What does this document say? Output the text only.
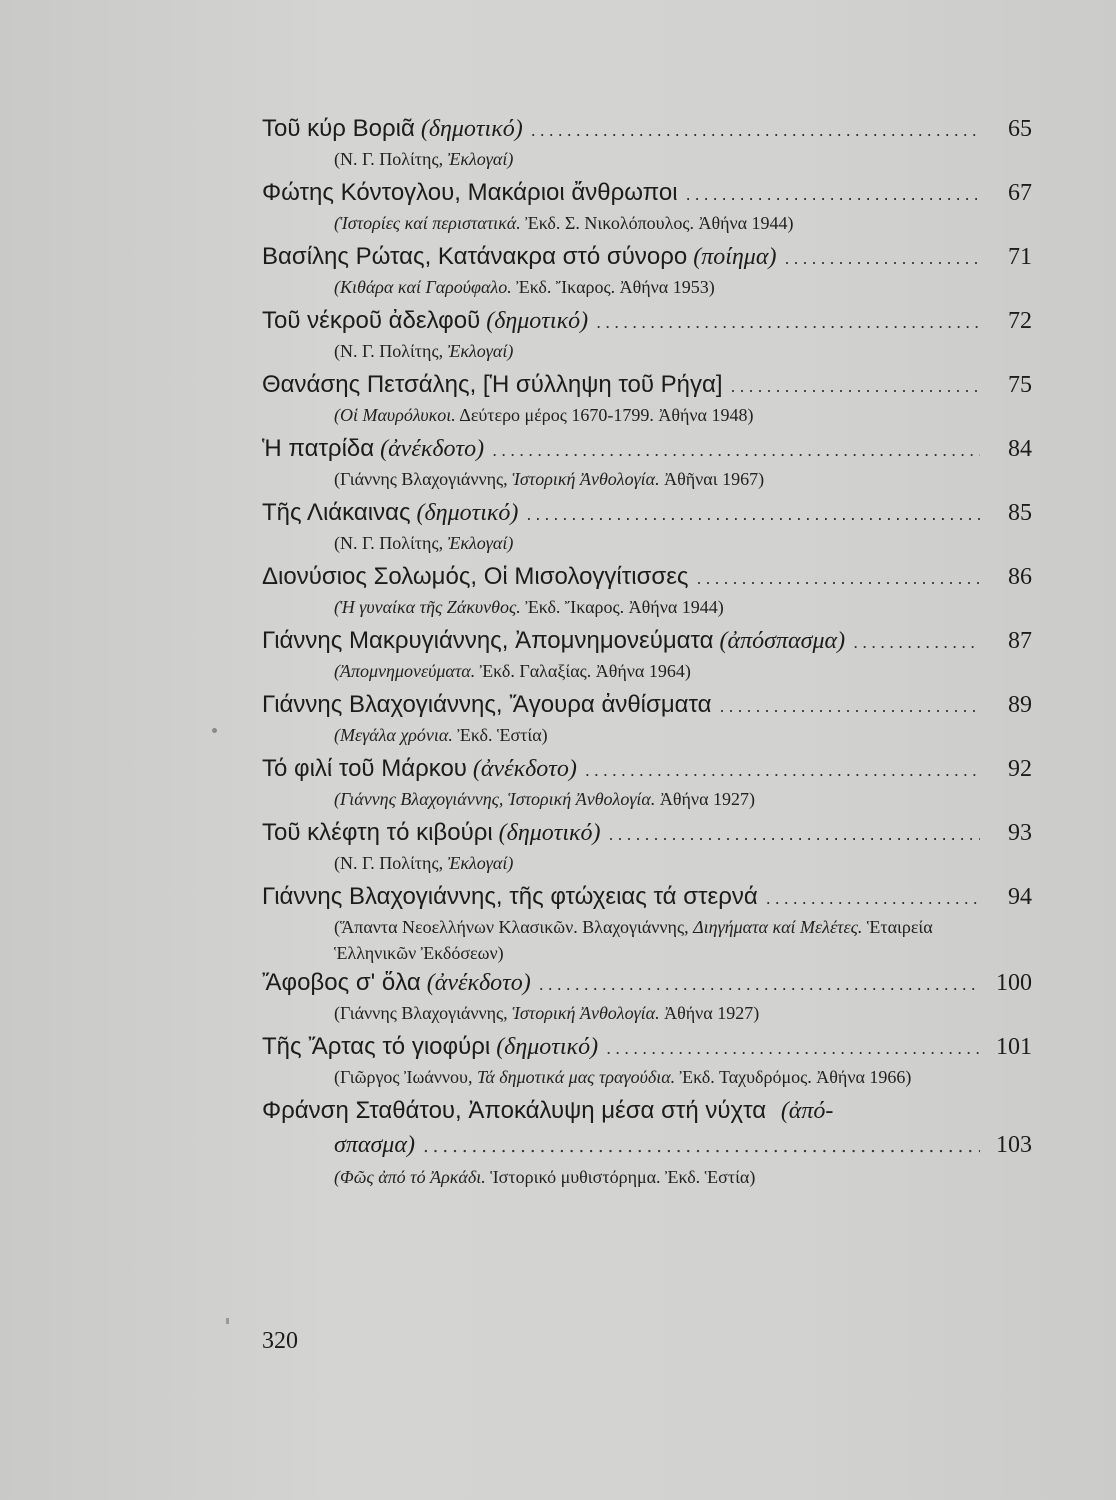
Τοῦ κύρ Βοριᾶ (δημοτικό) .....	65
(Ν. Γ. Πολίτης, Ἐκλογαί)
Φώτης Κόντογλου, Μακάριοι ἄνθρωποι .....	67
(Ἱστορίες καί περιστατικά. Ἐκδ. Σ. Νικολόπουλος. Ἀθήνα 1944)
Βασίλης Ρώτας, Κατάνακρα στό σύνορο (ποίημα) .....	71
(Κιθάρα καί Γαρούφαλο. Ἐκδ. Ἴκαρος. Ἀθήνα 1953)
Τοῦ νέκροῦ ἀδελφοῦ (δημοτικό) .....	72
(Ν. Γ. Πολίτης, Ἐκλογαί)
Θανάσης Πετσάλης, [Ἡ σύλληψη τοῦ Ρήγα] .....	75
(Οἱ Μαυρόλυκοι. Δεύτερο μέρος 1670-1799. Ἀθήνα 1948)
Ἡ πατρίδα (ἀνέκδοτο) .....	84
(Γιάννης Βλαχογιάννης, Ἱστορική Ἀνθολογία. Ἀθῆναι 1967)
Τῆς Λιάκαινας (δημοτικό) .....	85
(Ν. Γ. Πολίτης, Ἐκλογαί)
Διονύσιος Σολωμός, Οἱ Μισολογγίτισσες .....	86
(Ἡ γυναίκα τῆς Ζάκυνθος. Ἐκδ. Ἴκαρος. Ἀθήνα 1944)
Γιάννης Μακρυγιάννης, Ἀπομνημονεύματα (ἀπόσπασμα) .....	87
(Ἀπομνημονεύματα. Ἐκδ. Γαλαξίας. Ἀθήνα 1964)
Γιάννης Βλαχογιάννης, Ἄγουρα ἀνθίσματα .....	89
(Μεγάλα χρόνια. Ἐκδ. Ἑστία)
Τό φιλί τοῦ Μάρκου (ἀνέκδοτο) .....	92
(Γιάννης Βλαχογιάννης, Ἱστορική Ἀνθολογία. Ἀθήνα 1927)
Τοῦ κλέφτη τό κιβούρι (δημοτικό) .....	93
(Ν. Γ. Πολίτης, Ἐκλογαί)
Γιάννης Βλαχογιάννης, τῆς φτώχειας τά στερνά .....	94
(Ἅπαντα Νεοελλήνων Κλασικῶν. Βλαχογιάννης, Διηγήματα καί Μελέτες. Ἑταιρεία Ἑλληνικῶν Ἐκδόσεων)
Ἄφοβος σ' ὅλα (ἀνέκδοτο) .....	100
(Γιάννης Βλαχογιάννης, Ἱστορική Ἀνθολογία. Ἀθήνα 1927)
Τῆς Ἄρτας τό γιοφύρι (δημοτικό) .....	101
(Γιῶργος Ἰωάννου, Τά δημοτικά μας τραγούδια. Ἐκδ. Ταχυδρόμος. Ἀθήνα 1966)
Φράνση Σταθάτου, Ἀποκάλυψη μέσα στή νύχτα (ἀπό-
σπασμα) .....	103
(Φῶς ἀπό τό Ἀρκάδι. Ἱστορικό μυθιστόρημα. Ἐκδ. Ἑστία)
320
